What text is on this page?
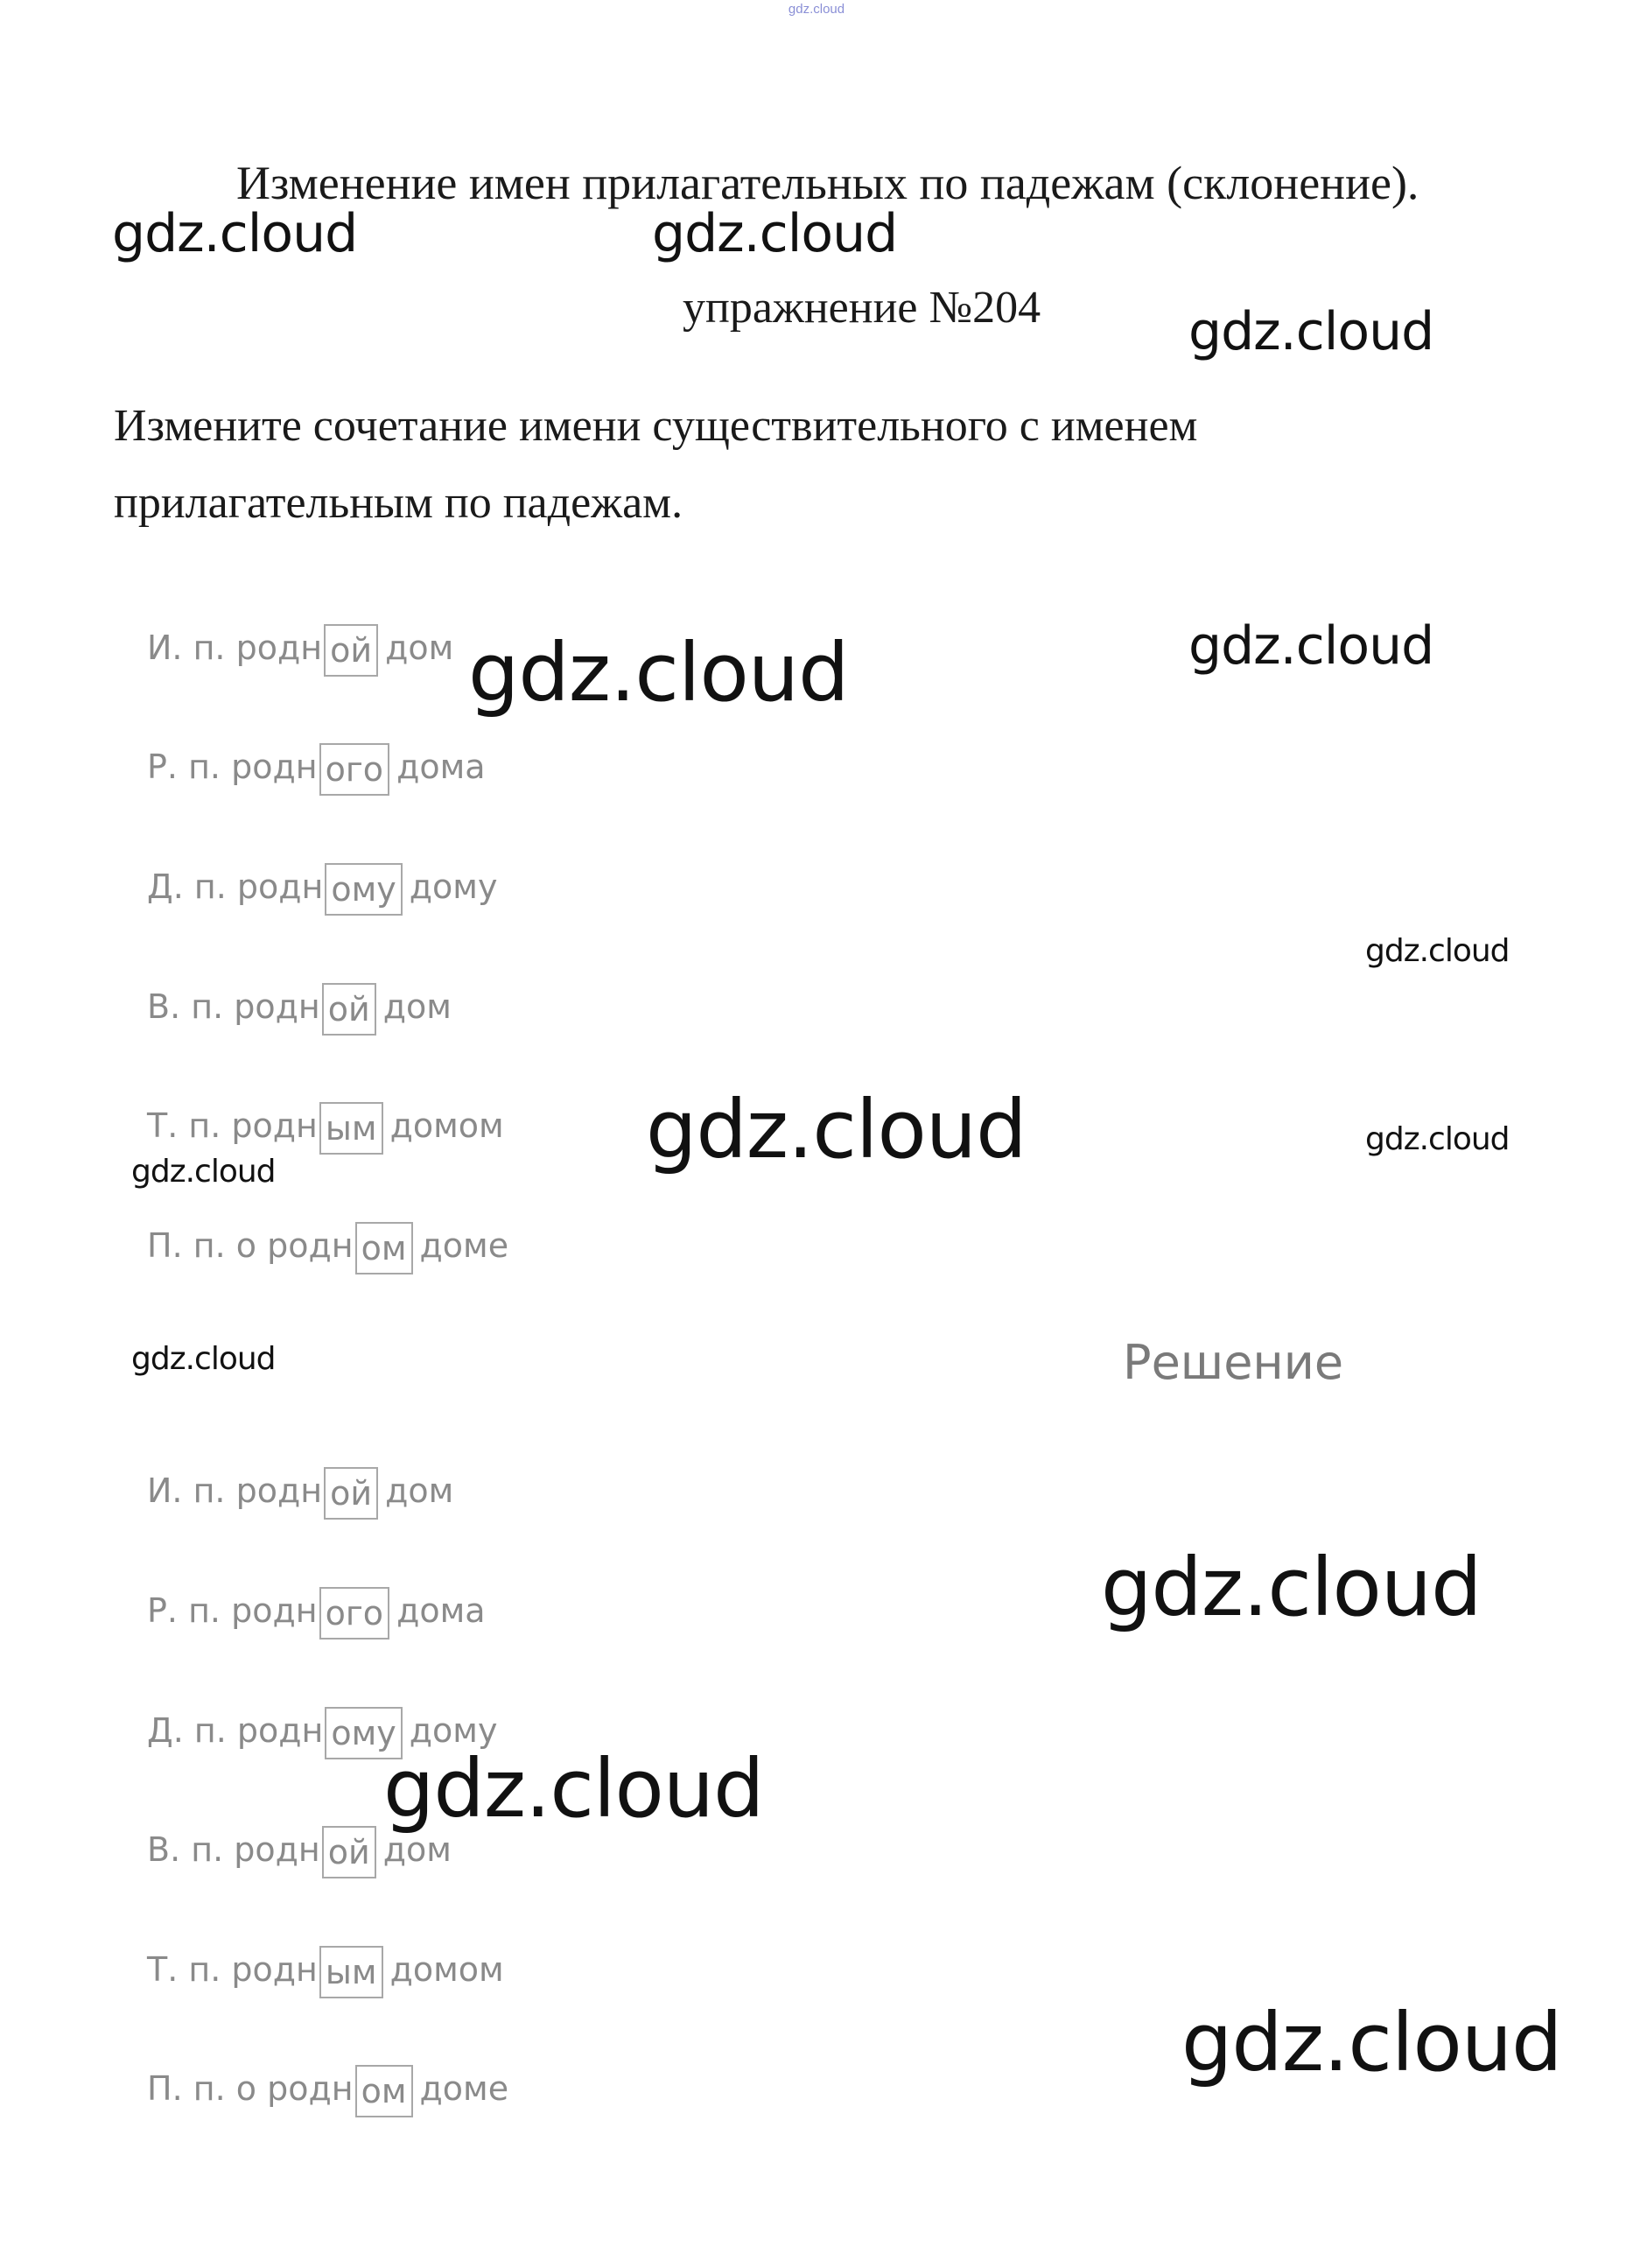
gdz.cloud
Изменение имен прилагательных по падежам (склонение).
упражнение №204
Измените сочетание имени существительного с именем
прилагательным по падежам.
И. п. родн ой дом
Р. п. родн ого дома
Д. п. родн ому дому
В. п. родн ой дом
Т. п. родн ым домом
П. п. о родн ом доме
Решение
И. п. родн ой дом
Р. п. родн ого дома
Д. п. родн ому дому
В. п. родн ой дом
Т. п. родн ым домом
П. п. о родн ом доме
gdz.cloud	gdz.cloud
gdz.cloud
gdz.cloud	gdz.cloud
gdz.cloud
gdz.cloud	gdz.cloud
gdz.cloud
gdz.cloud
gdz.cloud
gdz.cloud
gdz.cloud
